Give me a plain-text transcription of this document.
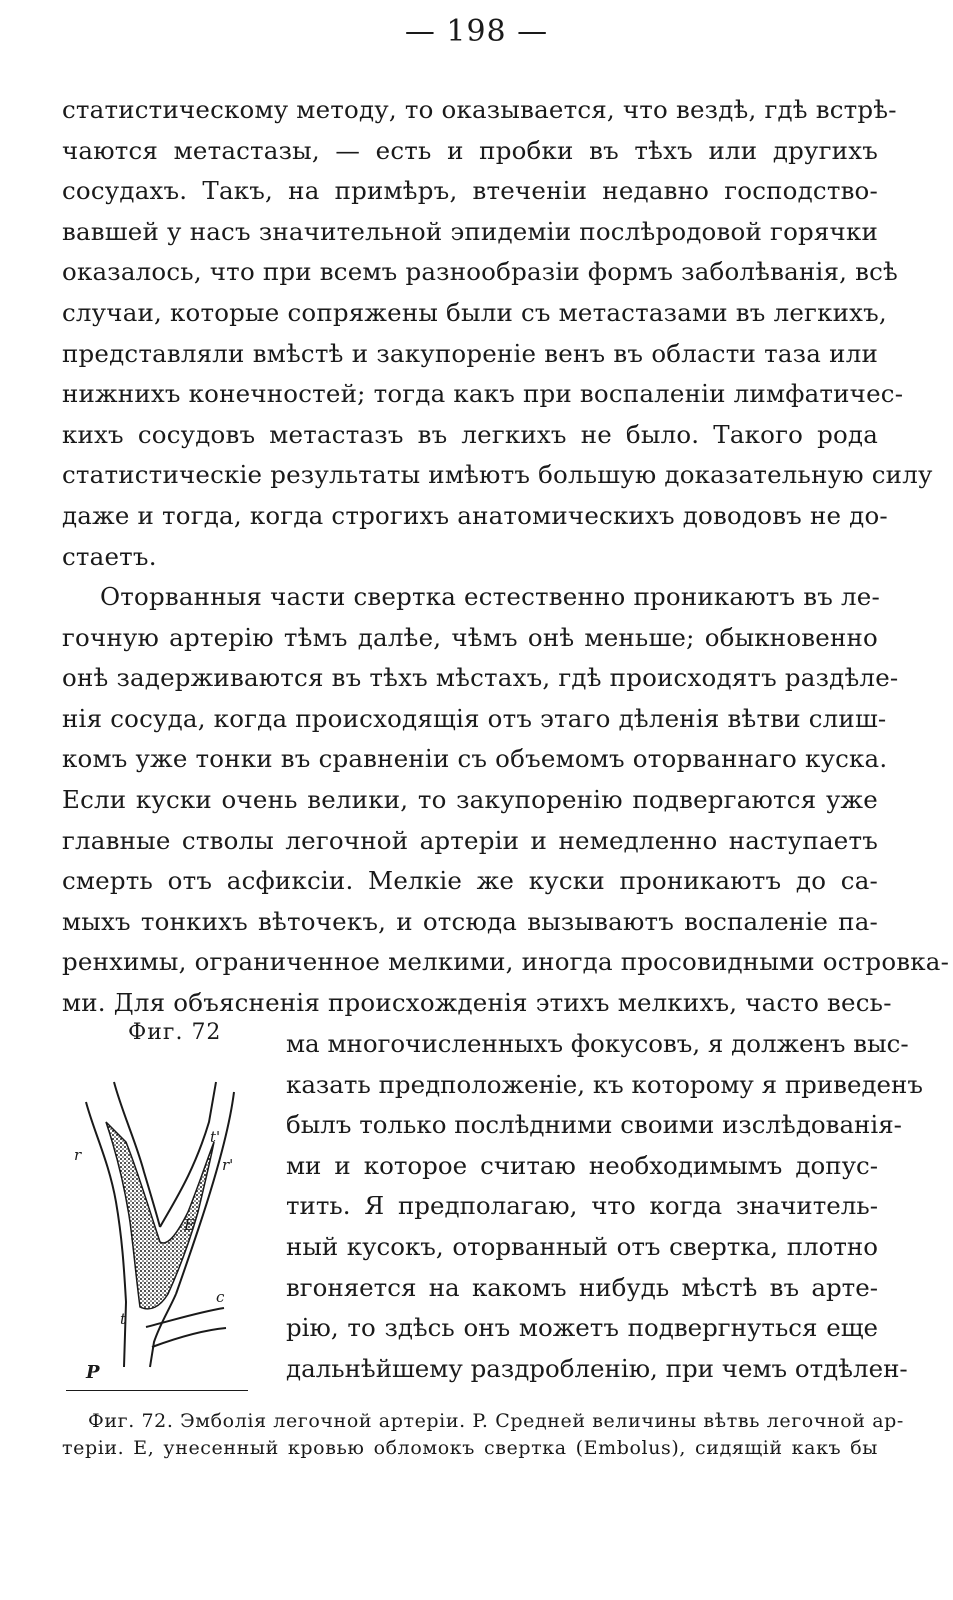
— 198 —
статистическому методу, то оказывается, что вездѣ, гдѣ встрѣ-
чаются метастазы, — есть и пробки въ тѣхъ или другихъ
сосудахъ. Такъ, на примѣръ, втеченіи недавно господство-
вавшей у насъ значительной эпидеміи послѣродовой горячки
оказалось, что при всемъ разнообразіи формъ заболѣванія, всѣ
случаи, которые сопряжены были съ метастазами въ легкихъ,
представляли вмѣстѣ и закупореніе венъ въ области таза или
нижнихъ конечностей; тогда какъ при воспаленіи лимфатичес-
кихъ сосудовъ метастазъ въ легкихъ не было. Такого рода
статистическіе результаты имѣютъ большую доказательную силу
даже и тогда, когда строгихъ анатомическихъ доводовъ не до-
стаетъ.
Оторванныя части свертка естественно проникаютъ въ ле-
гочную артерію тѣмъ далѣе, чѣмъ онѣ меньше; обыкновенно
онѣ задерживаются въ тѣхъ мѣстахъ, гдѣ происходятъ раздѣле-
нія сосуда, когда происходящія отъ этаго дѣленія вѣтви слиш-
комъ уже тонки въ сравненіи съ объемомъ оторваннаго куска.
Если куски очень велики, то закупоренію подвергаются уже
главные стволы легочной артеріи и немедленно наступаетъ
смерть отъ асфиксіи. Мелкіе же куски проникаютъ до са-
мыхъ тонкихъ вѣточекъ, и отсюда вызываютъ воспаленіе па-
ренхимы, ограниченное мелкими, иногда просовидными островка-
ми. Для объясненія происхожденія этихъ мелкихъ, часто весь-
Фиг. 72
r
t'
r'
E
c
t
P
ма многочисленныхъ фокусовъ, я долженъ выс-
казать предположеніе, къ которому я приведенъ
былъ только послѣдними своими изслѣдованія-
ми и которое считаю необходимымъ допус-
тить. Я предполагаю, что когда значитель-
ный кусокъ, оторванный отъ свертка, плотно
вгоняется на какомъ нибудь мѣстѣ въ арте-
рію, то здѣсь онъ можетъ подвергнуться еще
дальнѣйшему раздробленію, при чемъ отдѣлен-
Фиг. 72. Эмболія легочной артеріи. P. Средней величины вѣтвь легочной ар-
теріи. E, унесенный кровью обломокъ свертка (Embolus), сидящій какъ бы
